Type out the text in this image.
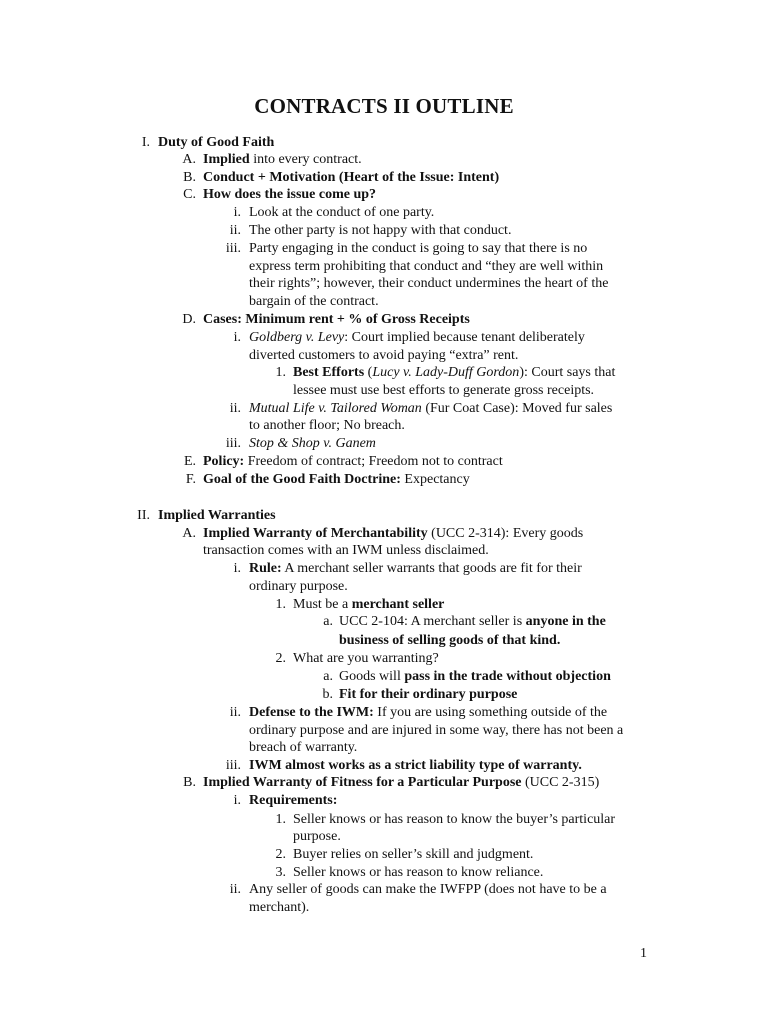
CONTRACTS II OUTLINE
I. Duty of Good Faith
A. Implied into every contract.
B. Conduct + Motivation (Heart of the Issue: Intent)
C. How does the issue come up?
i. Look at the conduct of one party.
ii. The other party is not happy with that conduct.
iii. Party engaging in the conduct is going to say that there is no
express term prohibiting that conduct and “they are well within
their rights”; however, their conduct undermines the heart of the
bargain of the contract.
D. Cases: Minimum rent + % of Gross Receipts
i. Goldberg v. Levy: Court implied because tenant deliberately
diverted customers to avoid paying “extra” rent.
1. Best Efforts (Lucy v. Lady-Duff Gordon): Court says that
lessee must use best efforts to generate gross receipts.
ii. Mutual Life v. Tailored Woman (Fur Coat Case): Moved fur sales
to another floor; No breach.
iii. Stop & Shop v. Ganem
E. Policy: Freedom of contract; Freedom not to contract
F. Goal of the Good Faith Doctrine: Expectancy
II. Implied Warranties
A. Implied Warranty of Merchantability (UCC 2-314): Every goods
transaction comes with an IWM unless disclaimed.
i. Rule: A merchant seller warrants that goods are fit for their
ordinary purpose.
1. Must be a merchant seller
a. UCC 2-104: A merchant seller is anyone in the
business of selling goods of that kind.
2. What are you warranting?
a. Goods will pass in the trade without objection
b. Fit for their ordinary purpose
ii. Defense to the IWM: If you are using something outside of the
ordinary purpose and are injured in some way, there has not been a
breach of warranty.
iii. IWM almost works as a strict liability type of warranty.
B. Implied Warranty of Fitness for a Particular Purpose (UCC 2-315)
i. Requirements:
1. Seller knows or has reason to know the buyer’s particular
purpose.
2. Buyer relies on seller’s skill and judgment.
3. Seller knows or has reason to know reliance.
ii. Any seller of goods can make the IWFPP (does not have to be a
merchant).
1
